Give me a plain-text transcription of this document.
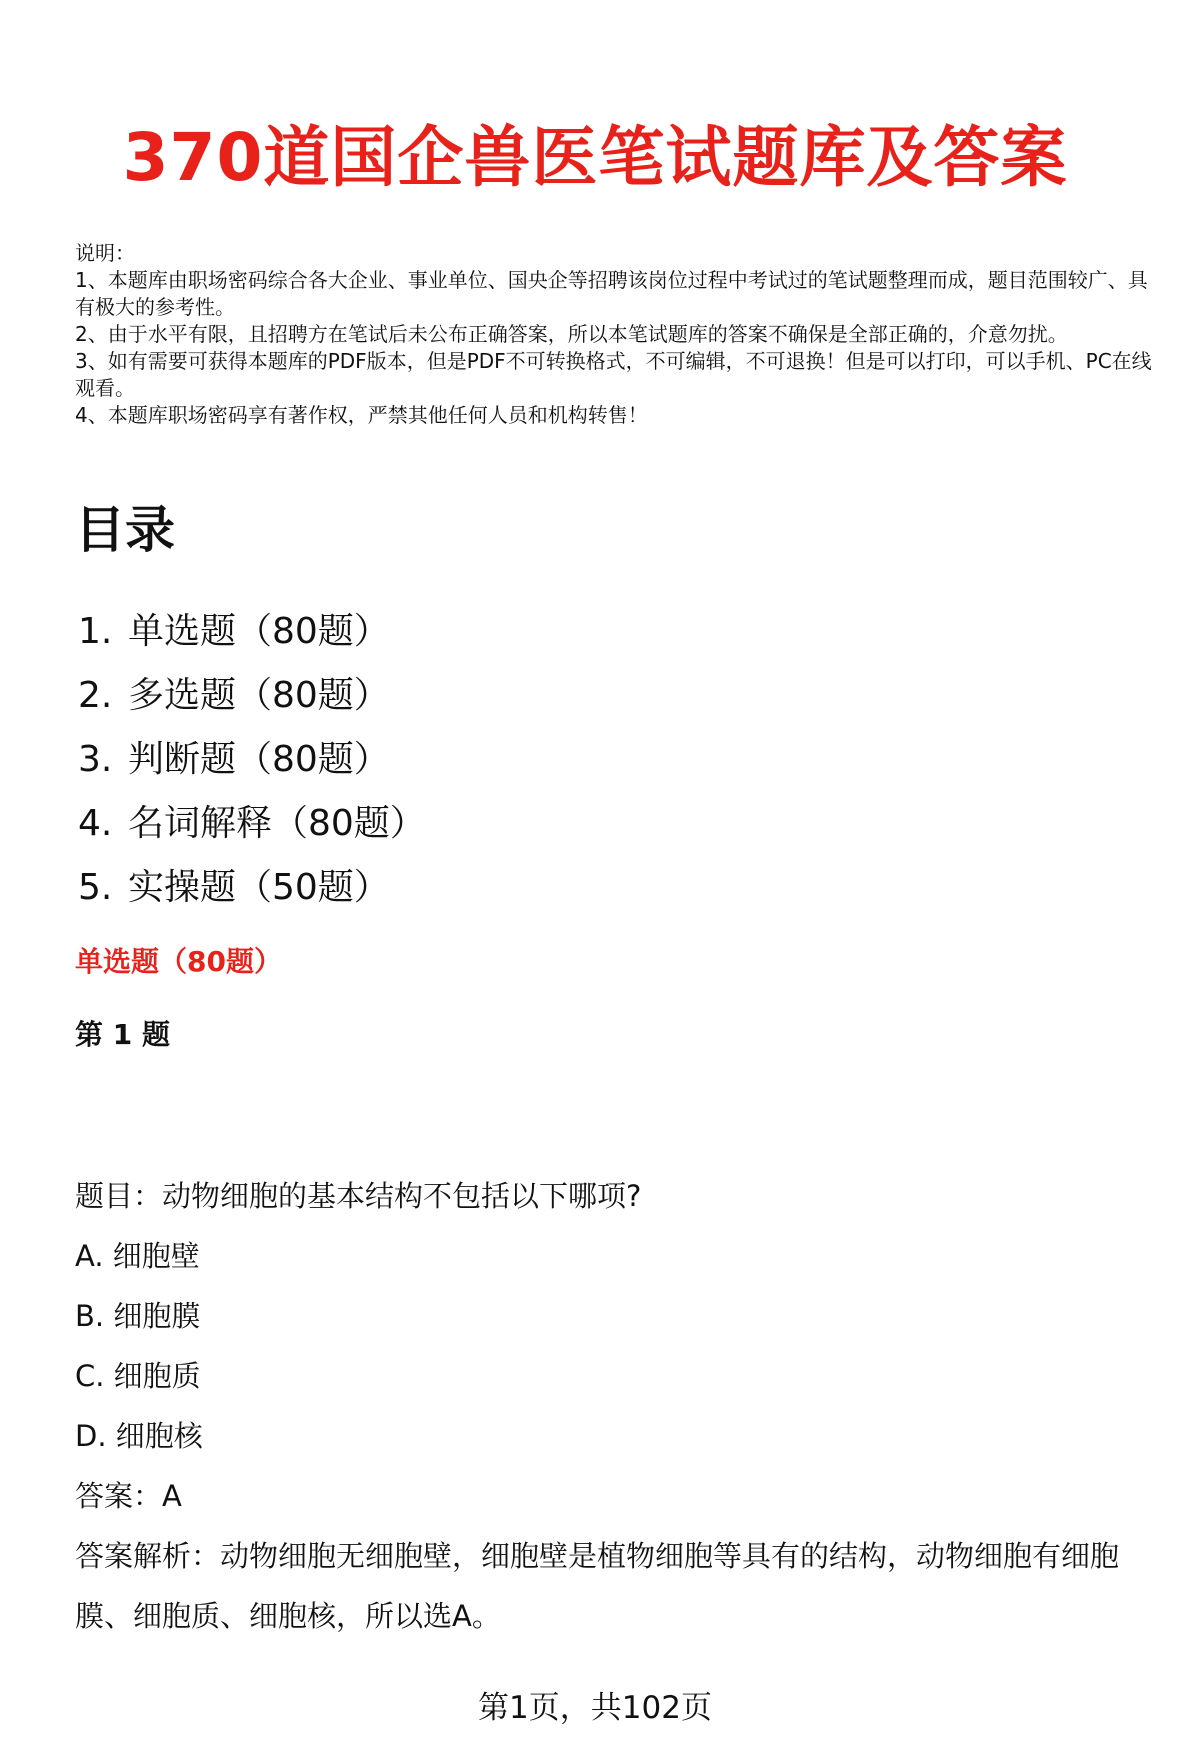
370道国企兽医笔试题库及答案
说明：
1、本题库由职场密码综合各大企业、事业单位、国央企等招聘该岗位过程中考试过的笔试题整理而成，题目范围较广、具有极大的参考性。
2、由于水平有限，且招聘方在笔试后未公布正确答案，所以本笔试题库的答案不确保是全部正确的，介意勿扰。
3、如有需要可获得本题库的PDF版本，但是PDF不可转换格式，不可编辑，不可退换！但是可以打印，可以手机、PC在线观看。
4、本题库职场密码享有著作权，严禁其他任何人员和机构转售！
目录
1. 单选题（80题）
2. 多选题（80题）
3. 判断题（80题）
4. 名词解释（80题）
5. 实操题（50题）
单选题（80题）
第 1 题
题目：动物细胞的基本结构不包括以下哪项?
A. 细胞壁
B. 细胞膜
C. 细胞质
D. 细胞核
答案：A
答案解析：动物细胞无细胞壁，细胞壁是植物细胞等具有的结构，动物细胞有细胞膜、细胞质、细胞核，所以选A。
第1页，共102页
